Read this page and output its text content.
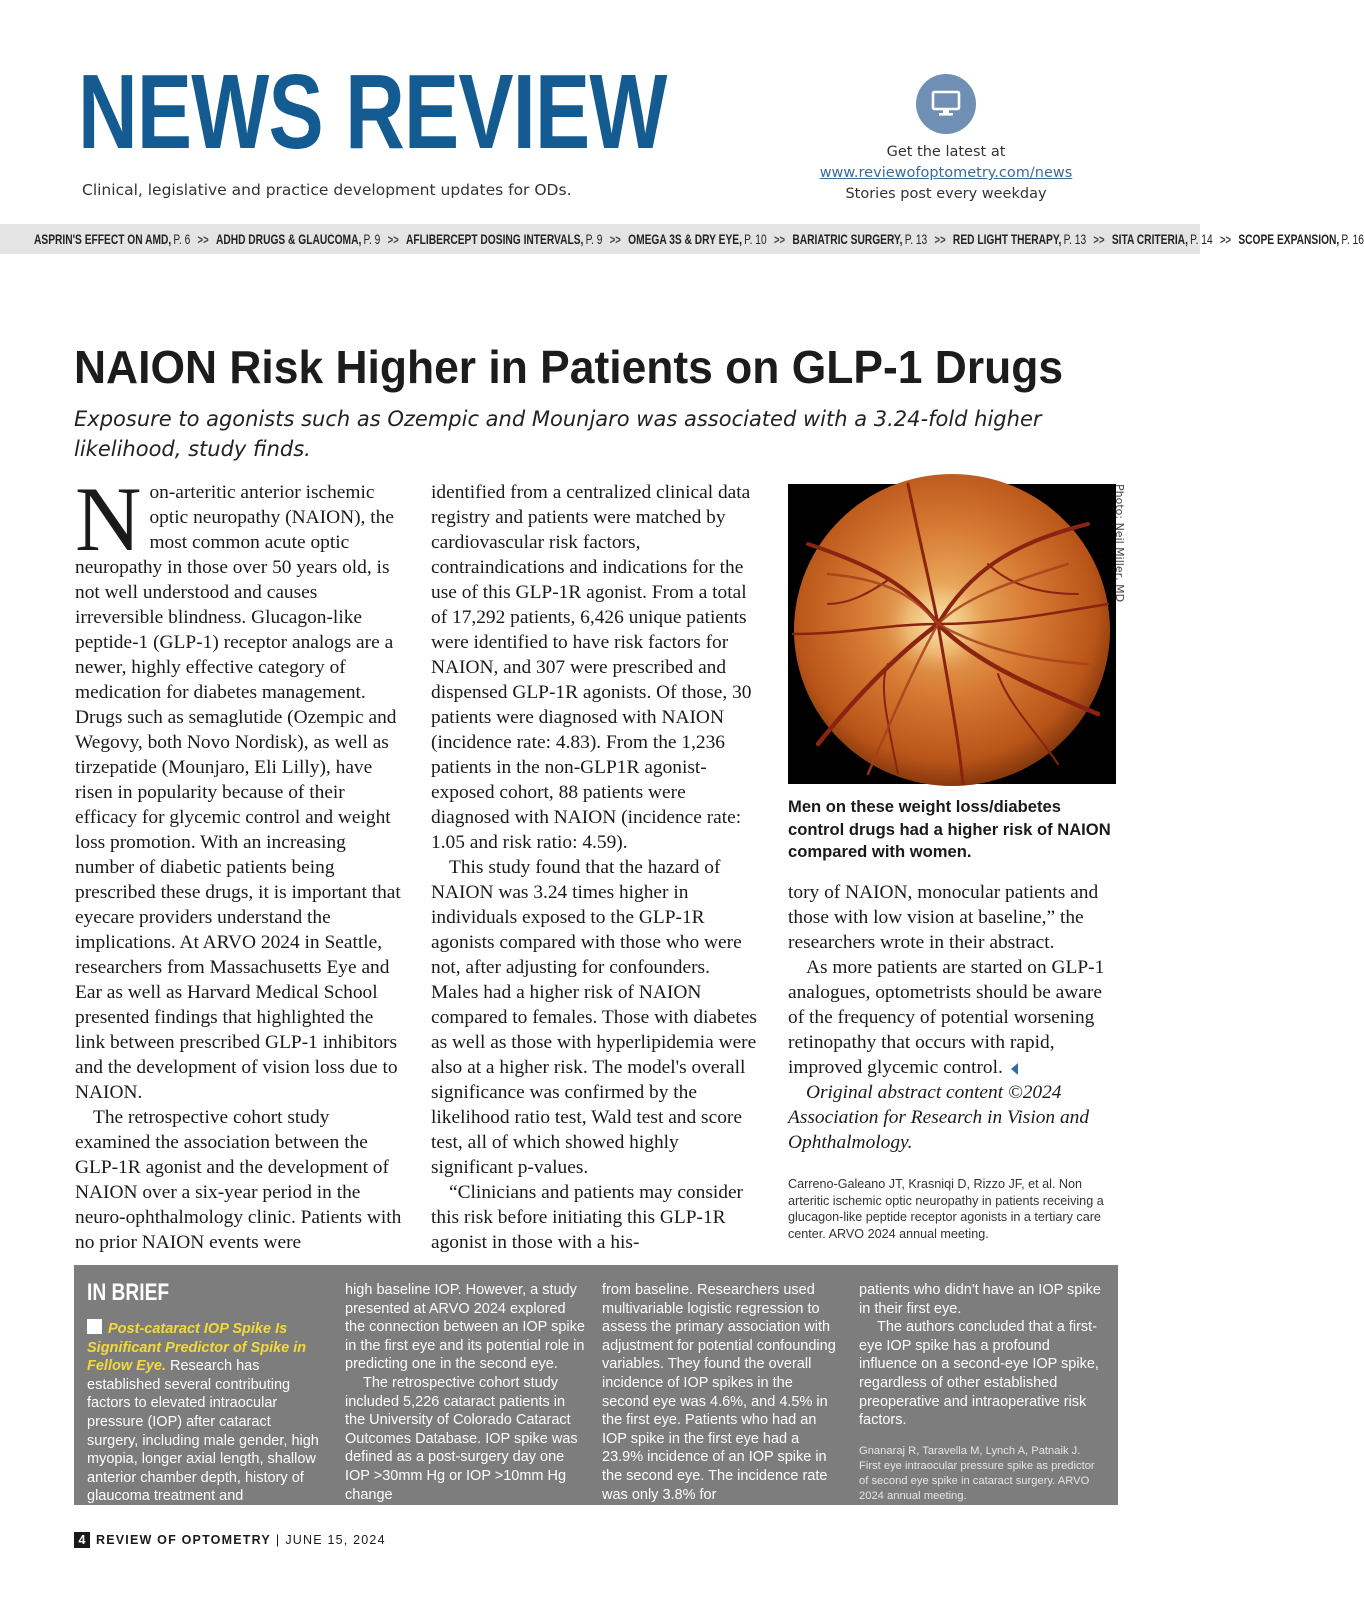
NEWS REVIEW
Clinical, legislative and practice development updates for ODs.
Get the latest at
www.reviewofoptometry.com/news
Stories post every weekday
ASPRIN'S EFFECT ON AMD, P. 6 >> ADHD DRUGS & GLAUCOMA, P. 9 >> AFLIBERCEPT DOSING INTERVALS, P. 9 >> OMEGA 3S & DRY EYE, P. 10 >> BARIATRIC SURGERY, P. 13 >> RED LIGHT THERAPY, P. 13 >> SITA CRITERIA, P. 14 >> SCOPE EXPANSION, P. 16
NAION Risk Higher in Patients on GLP-1 Drugs
Exposure to agonists such as Ozempic and Mounjaro was associated with a 3.24-fold higher likelihood, study finds.

Non-arteritic anterior ischemic optic neuropathy (NAION), the most common acute optic neuropathy in those over 50 years old, is not well understood and causes irreversible blindness. Glucagon-like peptide-1 (GLP-1) receptor analogs are a newer, highly effective category of medication for diabetes management. Drugs such as semaglutide (Ozempic and Wegovy, both Novo Nordisk), as well as tirzepatide (Mounjaro, Eli Lilly), have risen in popularity because of their efficacy for glycemic control and weight loss promotion. With an increasing number of diabetic patients being prescribed these drugs, it is important that eyecare providers understand the implications. At ARVO 2024 in Seattle, researchers from Massachusetts Eye and Ear as well as Harvard Medical School presented findings that highlighted the link between prescribed GLP-1 inhibitors and the development of vision loss due to NAION.

The retrospective cohort study examined the association between the GLP-1R agonist and the development of NAION over a six-year period in the neuro-ophthalmology clinic. Patients with no prior NAION events were

identified from a centralized clinical data registry and patients were matched by cardiovascular risk factors, contraindications and indications for the use of this GLP-1R agonist. From a total of 17,292 patients, 6,426 unique patients were identified to have risk factors for NAION, and 307 were prescribed and dispensed GLP-1R agonists. Of those, 30 patients were diagnosed with NAION (incidence rate: 4.83). From the 1,236 patients in the non-GLP1R agonist-exposed cohort, 88 patients were diagnosed with NAION (incidence rate: 1.05 and risk ratio: 4.59).

This study found that the hazard of NAION was 3.24 times higher in individuals exposed to the GLP-1R agonists compared with those who were not, after adjusting for confounders. Males had a higher risk of NAION compared to females. Those with diabetes as well as those with hyperlipidemia were also at a higher risk. The model's overall significance was confirmed by the likelihood ratio test, Wald test and score test, all of which showed highly significant p-values.

“Clinicians and patients may consider this risk before initiating this GLP-1R agonist in those with a his-

Photo: Neil Miller, MD
Men on these weight loss/diabetes control drugs had a higher risk of NAION compared with women.

tory of NAION, monocular patients and those with low vision at baseline,” the researchers wrote in their abstract.

As more patients are started on GLP-1 analogues, optometrists should be aware of the frequency of potential worsening retinopathy that occurs with rapid, improved glycemic control.

Original abstract content ©2024 Association for Research in Vision and Ophthalmology.

Carreno-Galeano JT, Krasniqi D, Rizzo JF, et al. Non arteritic ischemic optic neuropathy in patients receiving a glucagon-like peptide receptor agonists in a tertiary care center. ARVO 2024 annual meeting.
IN BRIEF

Post-cataract IOP Spike Is Significant Predictor of Spike in Fellow Eye. Research has established several contributing factors to elevated intraocular pressure (IOP) after cataract surgery, including male gender, high myopia, longer axial length, shallow anterior chamber depth, history of glaucoma treatment and

high baseline IOP. However, a study presented at ARVO 2024 explored the connection between an IOP spike in the first eye and its potential role in predicting one in the second eye.

The retrospective cohort study included 5,226 cataract patients in the University of Colorado Cataract Outcomes Database. IOP spike was defined as a post-surgery day one IOP >30mm Hg or IOP >10mm Hg change

from baseline. Researchers used multivariable logistic regression to assess the primary association with adjustment for potential confounding variables. They found the overall incidence of IOP spikes in the second eye was 4.6%, and 4.5% in the first eye. Patients who had an IOP spike in the first eye had a 23.9% incidence of an IOP spike in the second eye. The incidence rate was only 3.8% for

patients who didn't have an IOP spike in their first eye.

The authors concluded that a first-eye IOP spike has a profound influence on a second-eye IOP spike, regardless of other established preoperative and intraoperative risk factors.

Gnanaraj R, Taravella M, Lynch A, Patnaik J. First eye intraocular pressure spike as predictor of second eye spike in cataract surgery. ARVO 2024 annual meeting.

4 REVIEW OF OPTOMETRY | JUNE 15, 2024
